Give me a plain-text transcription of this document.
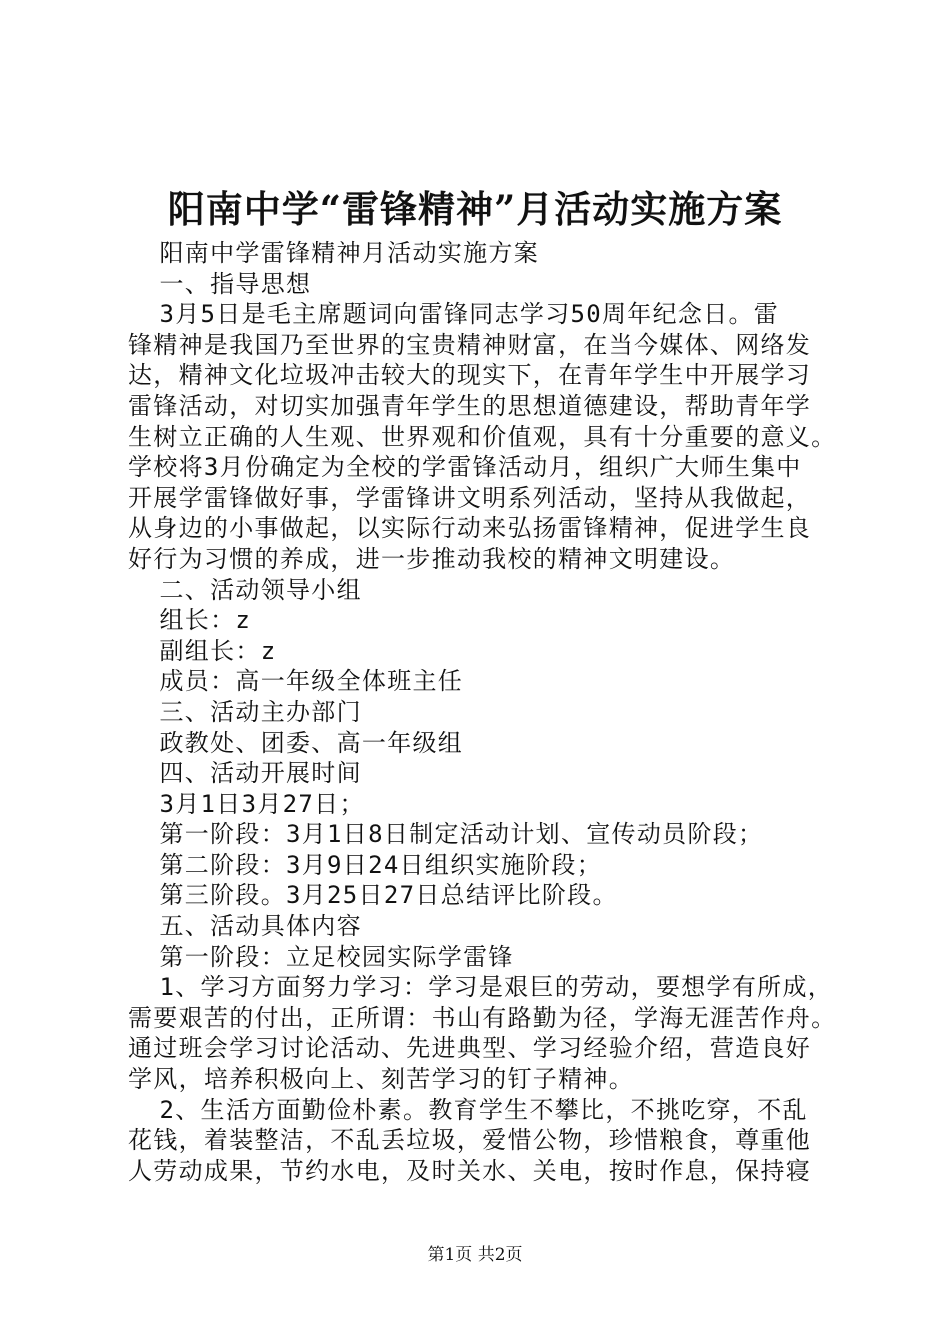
阳南中学“雷锋精神”月活动实施方案
阳南中学雷锋精神月活动实施方案
一、指导思想
3月5日是毛主席题词向雷锋同志学习50周年纪念日。雷
锋精神是我国乃至世界的宝贵精神财富，在当今媒体、网络发
达，精神文化垃圾冲击较大的现实下，在青年学生中开展学习
雷锋活动，对切实加强青年学生的思想道德建设，帮助青年学
生树立正确的人生观、世界观和价值观，具有十分重要的意义。
学校将3月份确定为全校的学雷锋活动月，组织广大师生集中
开展学雷锋做好事，学雷锋讲文明系列活动，坚持从我做起，
从身边的小事做起，以实际行动来弘扬雷锋精神，促进学生良
好行为习惯的养成，进一步推动我校的精神文明建设。
二、活动领导小组
组长：z
副组长：z
成员：高一年级全体班主任
三、活动主办部门
政教处、团委、高一年级组
四、活动开展时间
3月1日3月27日；
第一阶段：3月1日8日制定活动计划、宣传动员阶段；
第二阶段：3月9日24日组织实施阶段；
第三阶段。3月25日27日总结评比阶段。
五、活动具体内容
第一阶段：立足校园实际学雷锋
1、学习方面努力学习：学习是艰巨的劳动，要想学有所成，
需要艰苦的付出，正所谓：书山有路勤为径，学海无涯苦作舟。
通过班会学习讨论活动、先进典型、学习经验介绍，营造良好
学风，培养积极向上、刻苦学习的钉子精神。
2、生活方面勤俭朴素。教育学生不攀比，不挑吃穿，不乱
花钱，着装整洁，不乱丢垃圾，爱惜公物，珍惜粮食，尊重他
人劳动成果，节约水电，及时关水、关电，按时作息，保持寝
第1页 共2页
